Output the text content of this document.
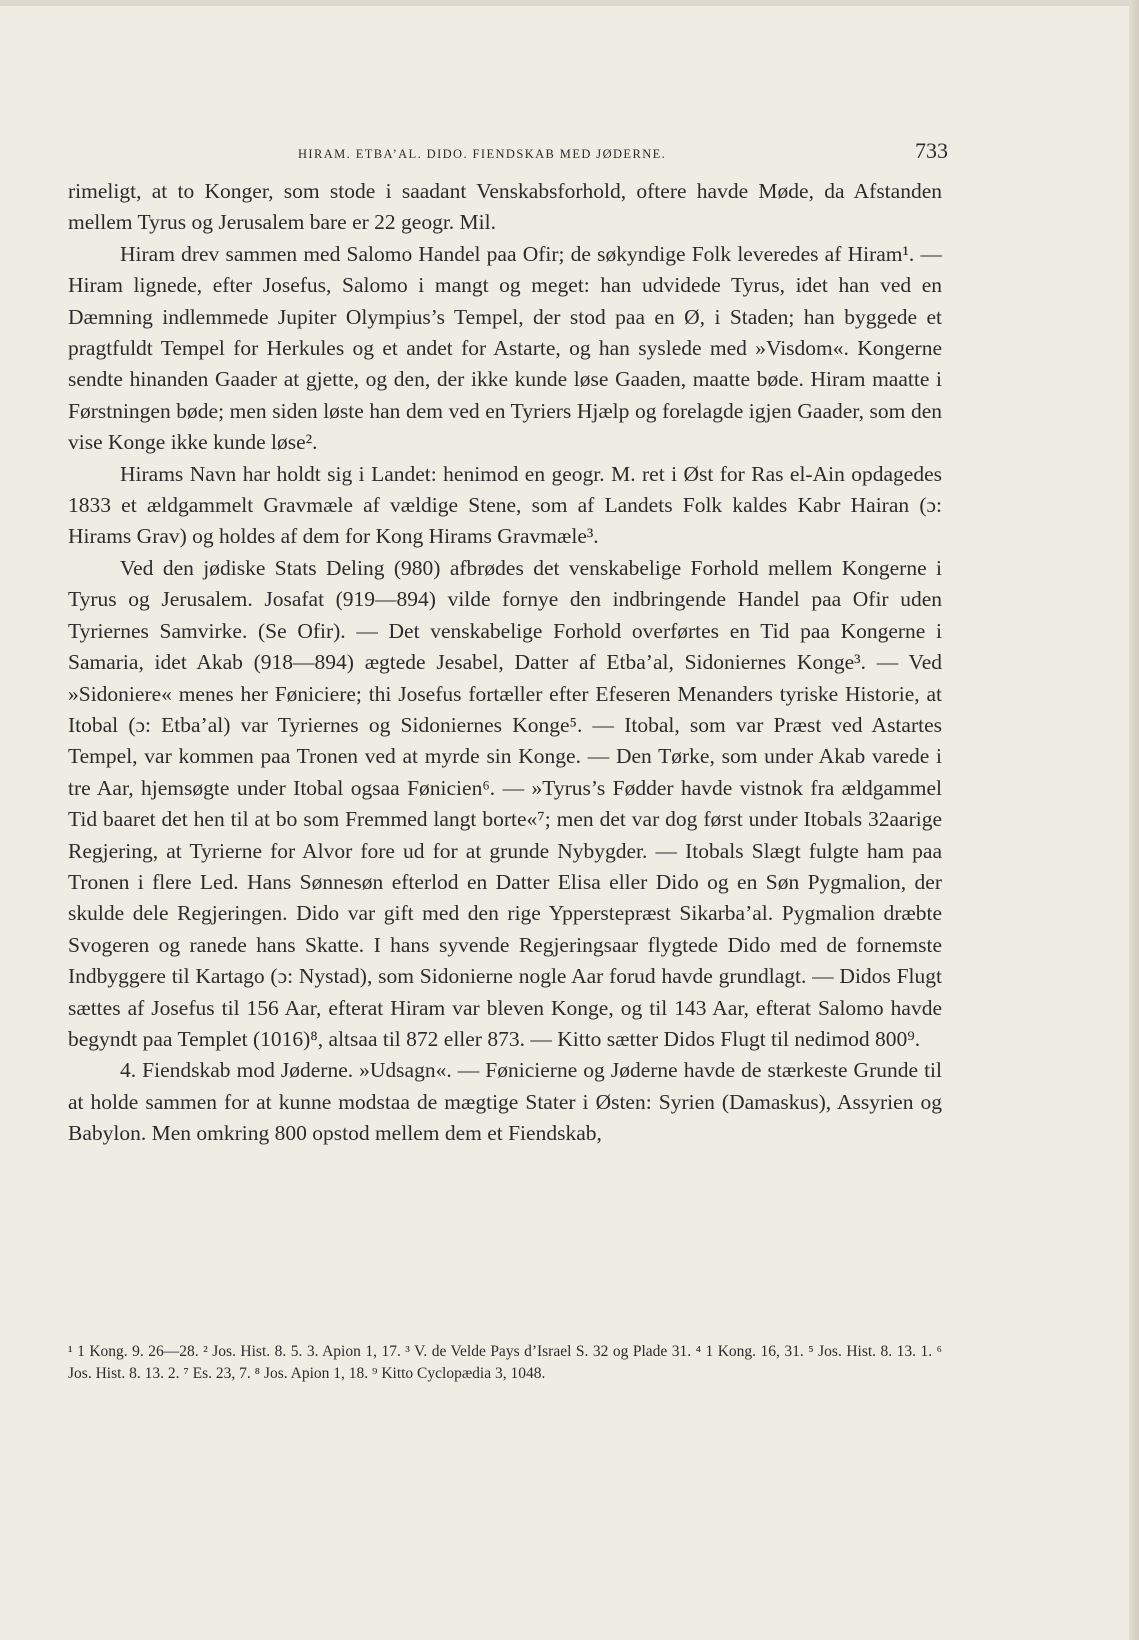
HIRAM. ETBA’AL. DIDO. FIENDSKAB MED JØDERNE.	733

rimeligt, at to Konger, som stode i saadant Venskabsforhold, oftere havde Møde, da Afstanden mellem Tyrus og Jerusalem bare er 22 geogr. Mil.

Hiram drev sammen med Salomo Handel paa Ofir; de søkyndige Folk leveredes af Hiram¹. — Hiram lignede, efter Josefus, Salomo i mangt og meget: han udvidede Tyrus, idet han ved en Dæmning indlemmede Jupiter Olympius’s Tempel, der stod paa en Ø, i Staden; han byggede et pragtfuldt Tempel for Herkules og et andet for Astarte, og han syslede med »Visdom«. Kongerne sendte hinanden Gaader at gjette, og den, der ikke kunde løse Gaaden, maatte bøde. Hiram maatte i Førstningen bøde; men siden løste han dem ved en Tyriers Hjælp og forelagde igjen Gaader, som den vise Konge ikke kunde løse².

Hirams Navn har holdt sig i Landet: henimod en geogr. M. ret i Øst for Ras el-Ain opdagedes 1833 et ældgammelt Gravmæle af vældige Stene, som af Landets Folk kaldes Kabr Hairan (ɔ: Hirams Grav) og holdes af dem for Kong Hirams Gravmæle³.

Ved den jødiske Stats Deling (980) afbrødes det venskabelige Forhold mellem Kongerne i Tyrus og Jerusalem. Josafat (919—894) vilde fornye den indbringende Handel paa Ofir uden Tyriernes Samvirke. (Se Ofir). — Det venskabelige Forhold overførtes en Tid paa Kongerne i Samaria, idet Akab (918—894) ægtede Jesabel, Datter af Etba’al, Sidoniernes Konge³. — Ved »Sidoniere« menes her Føniciere; thi Josefus fortæller efter Efeseren Menanders tyriske Historie, at Itobal (ɔ: Etba’al) var Tyriernes og Sidoniernes Konge⁵. — Itobal, som var Præst ved Astartes Tempel, var kommen paa Tronen ved at myrde sin Konge. — Den Tørke, som under Akab varede i tre Aar, hjemsøgte under Itobal ogsaa Fønicien⁶. — »Tyrus’s Fødder havde vistnok fra ældgammel Tid baaret det hen til at bo som Fremmed langt borte«⁷; men det var dog først under Itobals 32aarige Regjering, at Tyrierne for Alvor fore ud for at grunde Nybygder. — Itobals Slægt fulgte ham paa Tronen i flere Led. Hans Sønnesøn efterlod en Datter Elisa eller Dido og en Søn Pygmalion, der skulde dele Regjeringen. Dido var gift med den rige Ypperstepræst Sikarba’al. Pygmalion dræbte Svogeren og ranede hans Skatte. I hans syvende Regjeringsaar flygtede Dido med de fornemste Indbyggere til Kartago (ɔ: Nystad), som Sidonierne nogle Aar forud havde grundlagt. — Didos Flugt sættes af Josefus til 156 Aar, efterat Hiram var bleven Konge, og til 143 Aar, efterat Salomo havde begyndt paa Templet (1016)⁸, altsaa til 872 eller 873. — Kitto sætter Didos Flugt til nedimod 800⁹.

4. Fiendskab mod Jøderne. »Udsagn«. — Fønicierne og Jøderne havde de stærkeste Grunde til at holde sammen for at kunne modstaa de mægtige Stater i Østen: Syrien (Damaskus), Assyrien og Babylon. Men omkring 800 opstod mellem dem et Fiendskab,

¹ 1 Kong. 9. 26—28. ² Jos. Hist. 8. 5. 3. Apion 1, 17. ³ V. de Velde Pays d’Israel S. 32 og Plade 31. ⁴ 1 Kong. 16, 31. ⁵ Jos. Hist. 8. 13. 1. ⁶ Jos. Hist. 8. 13. 2. ⁷ Es. 23, 7. ⁸ Jos. Apion 1, 18. ⁹ Kitto Cyclopædia 3, 1048.
